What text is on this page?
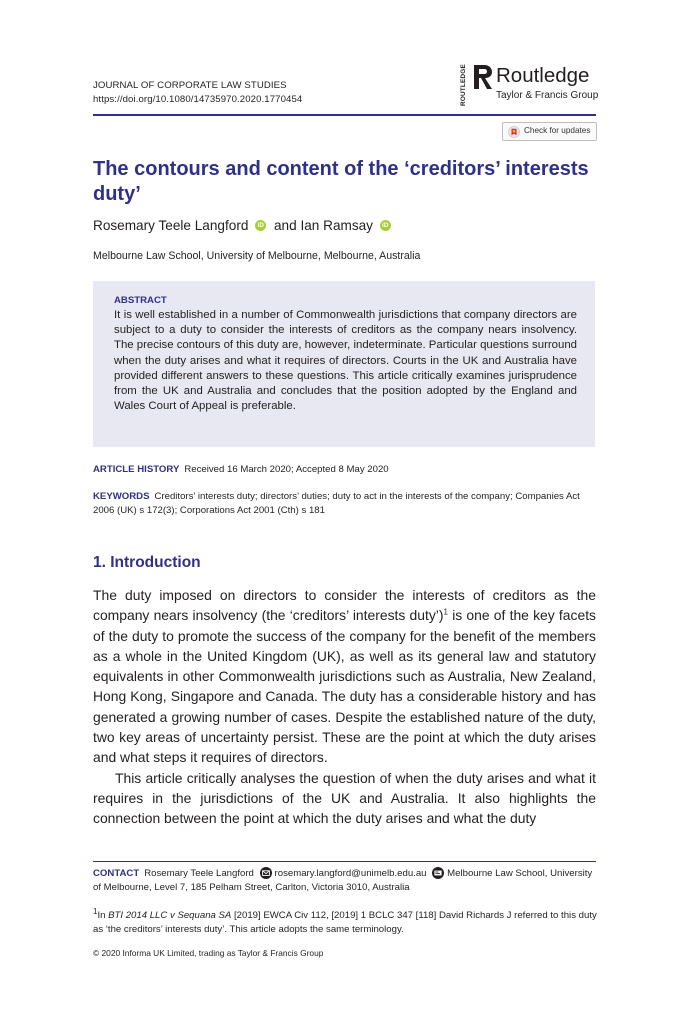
JOURNAL OF CORPORATE LAW STUDIES
https://doi.org/10.1080/14735970.2020.1770454	ROUTLEDGE Routledge
Taylor & Francis Group
Check for updates
The contours and content of the ‘creditors’ interests duty’
Rosemary Teele Langford iD and Ian Ramsay iD
Melbourne Law School, University of Melbourne, Melbourne, Australia
ABSTRACT
It is well established in a number of Commonwealth jurisdictions that company directors are subject to a duty to consider the interests of creditors as the company nears insolvency. The precise contours of this duty are, however, indeterminate. Particular questions surround when the duty arises and what it requires of directors. Courts in the UK and Australia have provided different answers to these questions. This article critically examines jurisprudence from the UK and Australia and concludes that the position adopted by the England and Wales Court of Appeal is preferable.
ARTICLE HISTORY Received 16 March 2020; Accepted 8 May 2020
KEYWORDS Creditors’ interests duty; directors’ duties; duty to act in the interests of the company; Companies Act 2006 (UK) s 172(3); Corporations Act 2001 (Cth) s 181
1. Introduction

The duty imposed on directors to consider the interests of creditors as the company nears insolvency (the ‘creditors’ interests duty’)$^1$ is one of the key facets of the duty to promote the success of the company for the benefit of the members as a whole in the United Kingdom (UK), as well as its general law and statutory equivalents in other Commonwealth jurisdictions such as Australia, New Zealand, Hong Kong, Singapore and Canada. The duty has a considerable history and has generated a growing number of cases. Despite the established nature of the duty, two key areas of uncertainty persist. These are the point at which the duty arises and what steps it requires of directors.

This article critically analyses the question of when the duty arises and what it requires in the jurisdictions of the UK and Australia. It also highlights the connection between the point at which the duty arises and what the duty

CONTACT Rosemary Teele Langford rosemary.langford@unimelb.edu.au Melbourne Law School, University of Melbourne, Level 7, 185 Pelham Street, Carlton, Victoria 3010, Australia
$^1$In BTI 2014 LLC v Sequana SA [2019] EWCA Civ 112, [2019] 1 BCLC 347 [118] David Richards J referred to this duty as ‘the creditors’ interests duty’. This article adopts the same terminology.
© 2020 Informa UK Limited, trading as Taylor & Francis Group
